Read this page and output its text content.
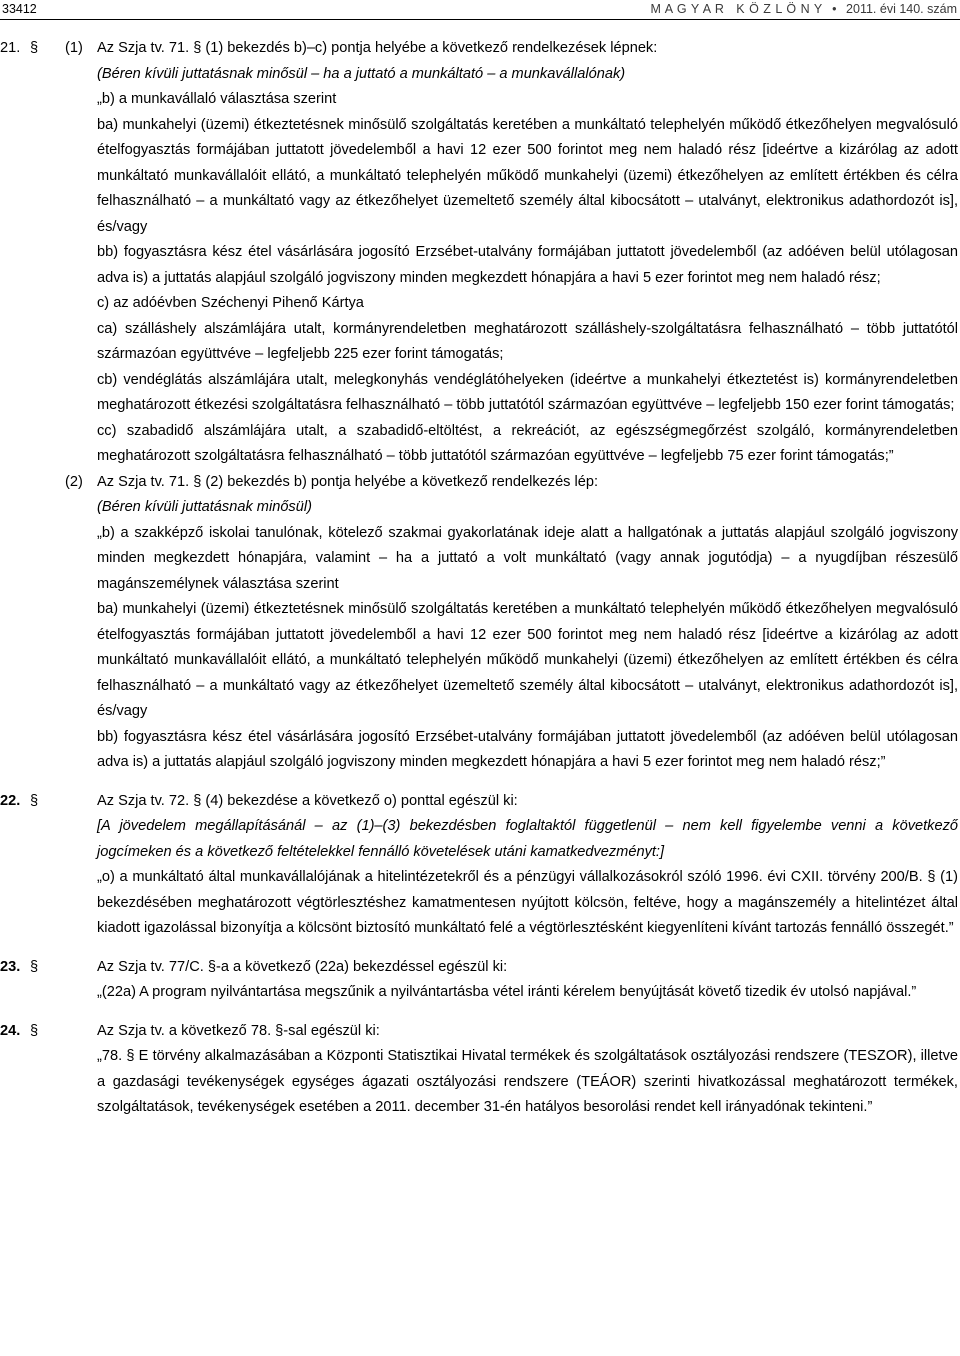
33412	M A G Y A R   K Ö Z L Ö N Y • 2011. évi 140. szám
21. § (1) Az Szja tv. 71. § (1) bekezdés b)–c) pontja helyébe a következő rendelkezések lépnek:

(Béren kívüli juttatásnak minősül – ha a juttató a munkáltató – a munkavállalónak)

„b) a munkavállaló választása szerint

ba) munkahelyi (üzemi) étkeztetésnek minősülő szolgáltatás keretében a munkáltató telephelyén működő étkezőhelyen megvalósuló ételfogyasztás formájában juttatott jövedelemből a havi 12 ezer 500 forintot meg nem haladó rész [ideértve a kizárólag az adott munkáltató munkavállalóit ellátó, a munkáltató telephelyén működő munkahelyi (üzemi) étkezőhelyen az említett értékben és célra felhasználható – a munkáltató vagy az étkezőhelyet üzemeltető személy által kibocsátott – utalványt, elektronikus adathordozót is], és/vagy

bb) fogyasztásra kész étel vásárlására jogosító Erzsébet-utalvány formájában juttatott jövedelemből (az adóéven belül utólagosan adva is) a juttatás alapjául szolgáló jogviszony minden megkezdett hónapjára a havi 5 ezer forintot meg nem haladó rész;

c) az adóévben Széchenyi Pihenő Kártya

ca) szálláshely alszámlájára utalt, kormányrendeletben meghatározott szálláshely-szolgáltatásra felhasználható – több juttatótól származóan együttvéve – legfeljebb 225 ezer forint támogatás;

cb) vendéglátás alszámlájára utalt, melegkonyhás vendéglátóhelyeken (ideértve a munkahelyi étkeztetést is) kormányrendeletben meghatározott étkezési szolgáltatásra felhasználható – több juttatótól származóan együttvéve – legfeljebb 150 ezer forint támogatás;

cc) szabadidő alszámlájára utalt, a szabadidő-eltöltést, a rekreációt, az egészségmegőrzést szolgáló, kormányrendeletben meghatározott szolgáltatásra felhasználható – több juttatótól származóan együttvéve – legfeljebb 75 ezer forint támogatás;”

(2) Az Szja tv. 71. § (2) bekezdés b) pontja helyébe a következő rendelkezés lép:

(Béren kívüli juttatásnak minősül)

„b) a szakképző iskolai tanulónak, kötelező szakmai gyakorlatának ideje alatt a hallgatónak a juttatás alapjául szolgáló jogviszony minden megkezdett hónapjára, valamint – ha a juttató a volt munkáltató (vagy annak jogutódja) – a nyugdíjban részesülő magánszemélynek választása szerint

ba) munkahelyi (üzemi) étkeztetésnek minősülő szolgáltatás keretében a munkáltató telephelyén működő étkezőhelyen megvalósuló ételfogyasztás formájában juttatott jövedelemből a havi 12 ezer 500 forintot meg nem haladó rész [ideértve a kizárólag az adott munkáltató munkavállalóit ellátó, a munkáltató telephelyén működő munkahelyi (üzemi) étkezőhelyen az említett értékben és célra felhasználható – a munkáltató vagy az étkezőhelyet üzemeltető személy által kibocsátott – utalványt, elektronikus adathordozót is], és/vagy

bb) fogyasztásra kész étel vásárlására jogosító Erzsébet-utalvány formájában juttatott jövedelemből (az adóéven belül utólagosan adva is) a juttatás alapjául szolgáló jogviszony minden megkezdett hónapjára a havi 5 ezer forintot meg nem haladó rész;”

22. §	Az Szja tv. 72. § (4) bekezdése a következő o) ponttal egészül ki:

[A jövedelem megállapításánál – az (1)–(3) bekezdésben foglaltaktól függetlenül – nem kell figyelembe venni a következő jogcímeken és a következő feltételekkel fennálló követelések utáni kamatkedvezményt:]

„o) a munkáltató által munkavállalójának a hitelintézetekről és a pénzügyi vállalkozásokról szóló 1996. évi CXII. törvény 200/B. § (1) bekezdésében meghatározott végtörlesztéshez kamatmentesen nyújtott kölcsön, feltéve, hogy a magánszemély a hitelintézet által kiadott igazolással bizonyítja a kölcsönt biztosító munkáltató felé a végtörlesztésként kiegyenlíteni kívánt tartozás fennálló összegét.”

23. §	Az Szja tv. 77/C. §-a a következő (22a) bekezdéssel egészül ki:

„(22a) A program nyilvántartása megszűnik a nyilvántartásba vétel iránti kérelem benyújtását követő tizedik év utolsó napjával.”

24. §	Az Szja tv. a következő 78. §-sal egészül ki:

„78. § E törvény alkalmazásában a Központi Statisztikai Hivatal termékek és szolgáltatások osztályozási rendszere (TESZOR), illetve a gazdasági tevékenységek egységes ágazati osztályozási rendszere (TEÁOR) szerinti hivatkozással meghatározott termékek, szolgáltatások, tevékenységek esetében a 2011. december 31-én hatályos besorolási rendet kell irányadónak tekinteni.”
